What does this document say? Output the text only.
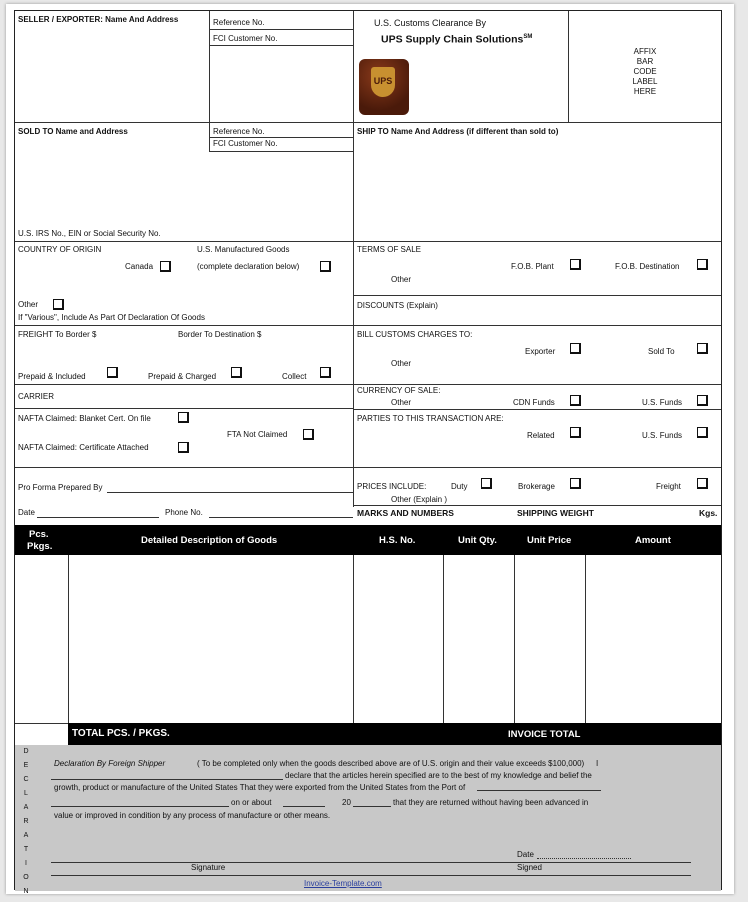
SELLER / EXPORTER: Name And Address	Reference No.
FCI Customer No.
U.S. Customs Clearance By
UPS Supply Chain Solutions℠
UPS
AFFIX
BAR
CODE
LABEL
HERE
SOLD TO Name and Address	Reference No.
FCI Customer No.
U.S. IRS No., EIN or Social Security No.
SHIP TO Name And Address (if different than sold to)
COUNTRY OF ORIGIN	U.S. Manufactured Goods
Canada	(complete declaration below)
Other
If "Various", Include As Part Of Declaration Of Goods
TERMS OF SALE
F.O.B. Plant	F.O.B. Destination
Other
DISCOUNTS (Explain)
FREIGHT To Border $	Border To Destination $
Prepaid & Included	Prepaid & Charged	Collect
BILL CUSTOMS CHARGES TO:
Exporter	Sold To
Other
CARRIER
CURRENCY OF SALE:
Other	CDN Funds	U.S. Funds
NAFTA Claimed: Blanket Cert. On file
FTA Not Claimed
NAFTA Claimed: Certificate Attached
PARTIES TO THIS TRANSACTION ARE:
Related	U.S. Funds
Pro Forma Prepared By
Date	Phone No.
PRICES INCLUDE:	Duty	Brokerage	Freight
Other (Explain )
MARKS AND NUMBERS	SHIPPING WEIGHT	Kgs.
Pcs.
Pkgs.
Detailed Description of Goods	H.S. No.	Unit Qty.	Unit Price	Amount
TOTAL PCS. / PKGS.	INVOICE TOTAL
D
E
C
L
A
R
A
T
I
O
N
Declaration By Foreign Shipper	( To be completed only when the goods described above are of U.S. origin and their value exceeds $100,000) I
declare that the articles herein specified are to the best of my knowledge and belief the
growth, product or manufacture of the United States That they were exported from the United States from the Port of
on or about	20	that they are returned without having been advanced in
value or improved in condition by any process of manufacture or other means.
Date
Signature	Signed
Invoice-Template.com
